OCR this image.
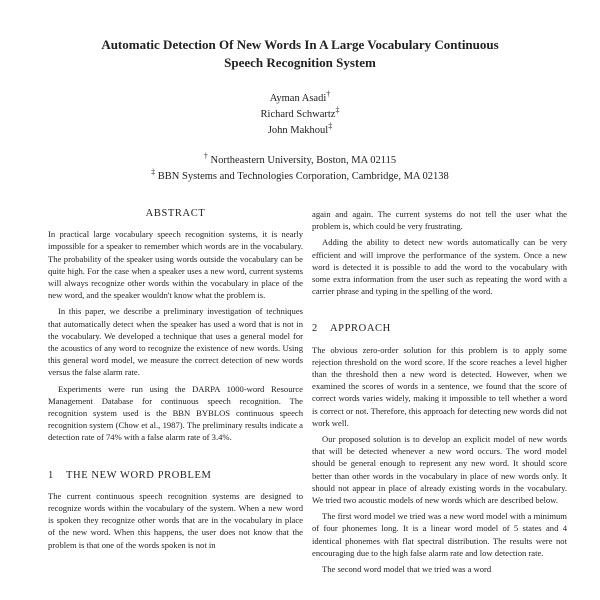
Automatic Detection Of New Words In A Large Vocabulary Continuous
Speech Recognition System
Ayman Asadi†
Richard Schwartz‡
John Makhoul‡
† Northeastern University, Boston, MA 02115
‡ BBN Systems and Technologies Corporation, Cambridge, MA 02138
ABSTRACT

In practical large vocabulary speech recognition systems, it is nearly impossible for a speaker to remember which words are in the vocabulary. The probability of the speaker using words outside the vocabulary can be quite high. For the case when a speaker uses a new word, current systems will always recognize other words within the vocabulary in place of the new word, and the speaker wouldn't know what the problem is.

In this paper, we describe a preliminary investigation of techniques that automatically detect when the speaker has used a word that is not in the vocabulary. We developed a technique that uses a general model for the acoustics of any word to recognize the existence of new words. Using this general word model, we measure the correct detection of new words versus the false alarm rate.

Experiments were run using the DARPA 1000-word Resource Management Database for continuous speech recognition. The recognition system used is the BBN BYBLOS continuous speech recognition system (Chow et al., 1987). The preliminary results indicate a detection rate of 74% with a false alarm rate of 3.4%.

1 THE NEW WORD PROBLEM

The current continuous speech recognition systems are designed to recognize words within the vocabulary of the system. When a new word is spoken they recognize other words that are in the vocabulary in place of the new word. When this happens, the user does not know that the problem is that one of the words spoken is not in

again and again. The current systems do not tell the user what the problem is, which could be very frustrating.

Adding the ability to detect new words automatically can be very efficient and will improve the performance of the system. Once a new word is detected it is possible to add the word to the vocabulary with some extra information from the user such as repeating the word with a carrier phrase and typing in the spelling of the word.

2 APPROACH

The obvious zero-order solution for this problem is to apply some rejection threshold on the word score. If the score reaches a level higher than the threshold then a new word is detected. However, when we examined the scores of words in a sentence, we found that the score of correct words varies widely, making it impossible to tell whether a word is correct or not. Therefore, this approach for detecting new words did not work well.

Our proposed solution is to develop an explicit model of new words that will be detected whenever a new word occurs. The word model should be general enough to represent any new word. It should score better than other words in the vocabulary in place of new words only. It should not appear in place of already existing words in the vocabulary. We tried two acoustic models of new words which are described below.

The first word model we tried was a new word model with a minimum of four phonemes long. It is a linear word model of 5 states and 4 identical phonemes with flat spectral distribution. The results were not encouraging due to the high false alarm rate and low detection rate.

The second word model that we tried was a word
